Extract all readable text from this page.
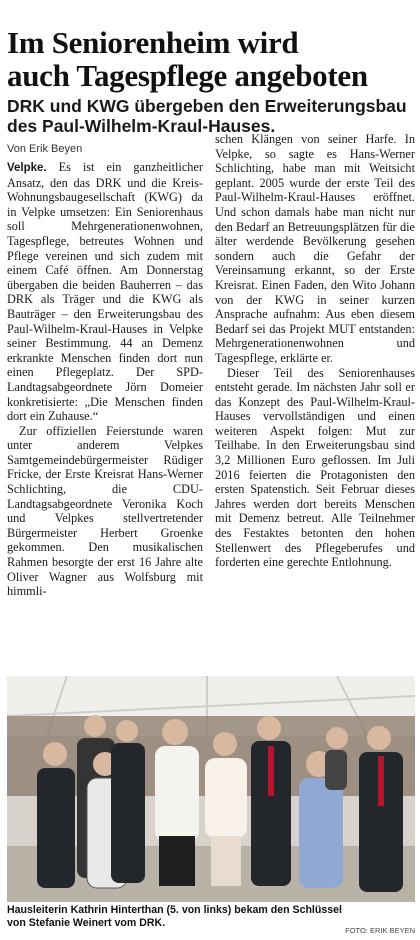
Im Seniorenheim wird
auch Tagespflege angeboten
DRK und KWG übergeben den Erweiterungsbau
des Paul-Wilhelm-Kraul-Hauses.
Von Erik Beyen

Velpke. Es ist ein ganzheitlicher Ansatz, den das DRK und die Kreis-Wohnungsbaugesellschaft (KWG) da in Velpke umsetzen: Ein Seniorenhaus soll Mehrgenerationenwohnen, Tagespflege, betreutes Wohnen und Pflege vereinen und sich zudem mit einem Café öffnen. Am Donnerstag übergaben die beiden Bauherren – das DRK als Träger und die KWG als Bauträger – den Erweiterungsbau des Paul-Wilhelm-Kraul-Hauses in Velpke seiner Bestimmung. 44 an Demenz erkrankte Menschen finden dort nun einen Pflegeplatz. Der SPD-Landtagsabgeordnete Jörn Domeier konkretisierte: „Die Menschen finden dort ein Zuhause.“

Zur offiziellen Feierstunde waren unter anderem Velpkes Samtgemeindebürgermeister Rüdiger Fricke, der Erste Kreisrat Hans-Werner Schlichting, die CDU-Landtagsabgeordnete Veronika Koch und Velpkes stellvertretender Bürgermeister Herbert Groenke gekommen. Den musikalischen Rahmen besorgte der erst 16 Jahre alte Oliver Wagner aus Wolfsburg mit himmli-

schen Klängen von seiner Harfe. In Velpke, so sagte es Hans-Werner Schlichting, habe man mit Weitsicht geplant. 2005 wurde der erste Teil des Paul-Wilhelm-Kraul-Hauses eröffnet. Und schon damals habe man nicht nur den Bedarf an Betreuungsplätzen für die älter werdende Bevölkerung gesehen sondern auch die Gefahr der Vereinsamung erkannt, so der Erste Kreisrat. Einen Faden, den Wito Johann von der KWG in seiner kurzen Ansprache aufnahm: Aus eben diesem Bedarf sei das Projekt MUT entstanden: Mehrgenerationenwohnen und Tagespflege, erklärte er.

Dieser Teil des Seniorenhauses entsteht gerade. Im nächsten Jahr soll er das Konzept des Paul-Wilhelm-Kraul-Hauses vervollständigen und einen weiteren Aspekt folgen: Mut zur Teilhabe. In den Erweiterungsbau sind 3,2 Millionen Euro geflossen. Im Juli 2016 feierten die Protagonisten den ersten Spatenstich. Seit Februar dieses Jahres werden dort bereits Menschen mit Demenz betreut. Alle Teilnehmer des Festaktes betonten den hohen Stellenwert des Pflegeberufes und forderten eine gerechte Entlohnung.

Hausleiterin Kathrin Hinterthan (5. von links) bekam den Schlüssel von Stefanie Weinert vom DRK.
FOTO: ERIK BEYEN
